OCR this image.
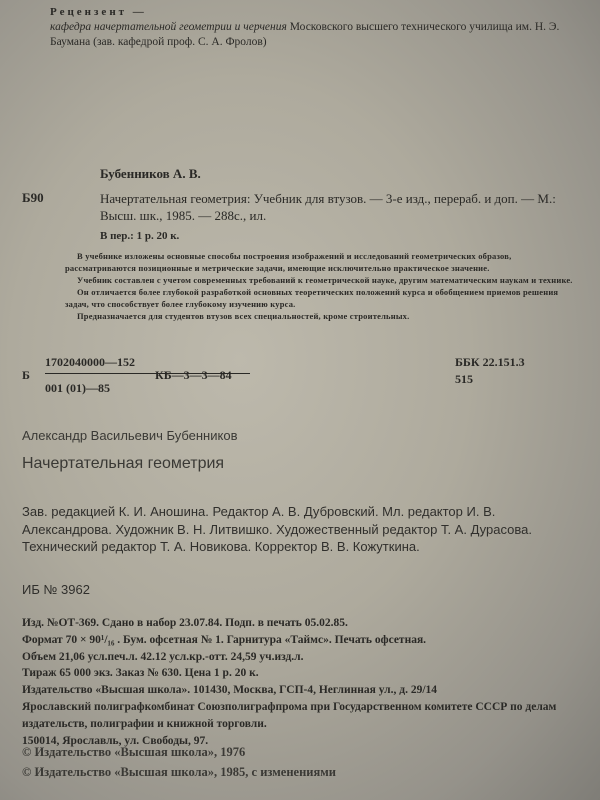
Рецензент —
кафедра начертательной геометрии и черчения Московского высшего технического училища им. Н. Э. Баумана (зав. кафедрой проф. С. А. Фролов)
Бубенников А. В.
Б90	Начертательная геометрия: Учебник для втузов. — 3-е изд., перераб. и доп. — М.: Высш. шк., 1985. — 288с., ил.
В пер.: 1 р. 20 к.

В учебнике изложены основные способы построения изображений и исследований геометрических образов, рассматриваются позиционные и метрические задачи, имеющие исключительно практическое значение.

Учебник составлен с учетом современных требований к геометрической науке, другим математическим наукам и технике.

Он отличается более глубокой разработкой основных теоретических положений курса и обобщением приемов решения задач, что способствует более глубокому изучению курса.

Предназначается для студентов втузов всех специальностей, кроме строительных.

Б
1702040000—152
001 (01)—85
КБ—3—3—84
ББК 22.151.3
515
Александр Васильевич Бубенников
Начертательная геометрия
Зав. редакцией К. И. Аношина. Редактор А. В. Дубровский. Мл. редактор И. В. Александрова. Художник В. Н. Литвишко. Художественный редактор Т. А. Дурасова. Технический редактор Т. А. Новикова. Корректор В. В. Кожуткина.
ИБ № 3962
Изд. №ОТ-369. Сдано в набор 23.07.84. Подп. в печать 05.02.85.
Формат 70 × 90¹/₁₆ . Бум. офсетная № 1. Гарнитура «Таймс». Печать офсетная.
Объем 21,06 усл.печ.л. 42.12 усл.кр.-отт. 24,59 уч.изд.л.
Тираж 65 000 экз. Заказ № 630. Цена 1 р. 20 к.
Издательство «Высшая школа». 101430, Москва, ГСП-4, Неглинная ул., д. 29/14
Ярославский полиграфкомбинат Союзполиграфпрома при Государственном комитете СССР по делам издательств, полиграфии и книжной торговли.
150014, Ярославль, ул. Свободы, 97.
© Издательство «Высшая школа», 1976
© Издательство «Высшая школа», 1985, с изменениями
